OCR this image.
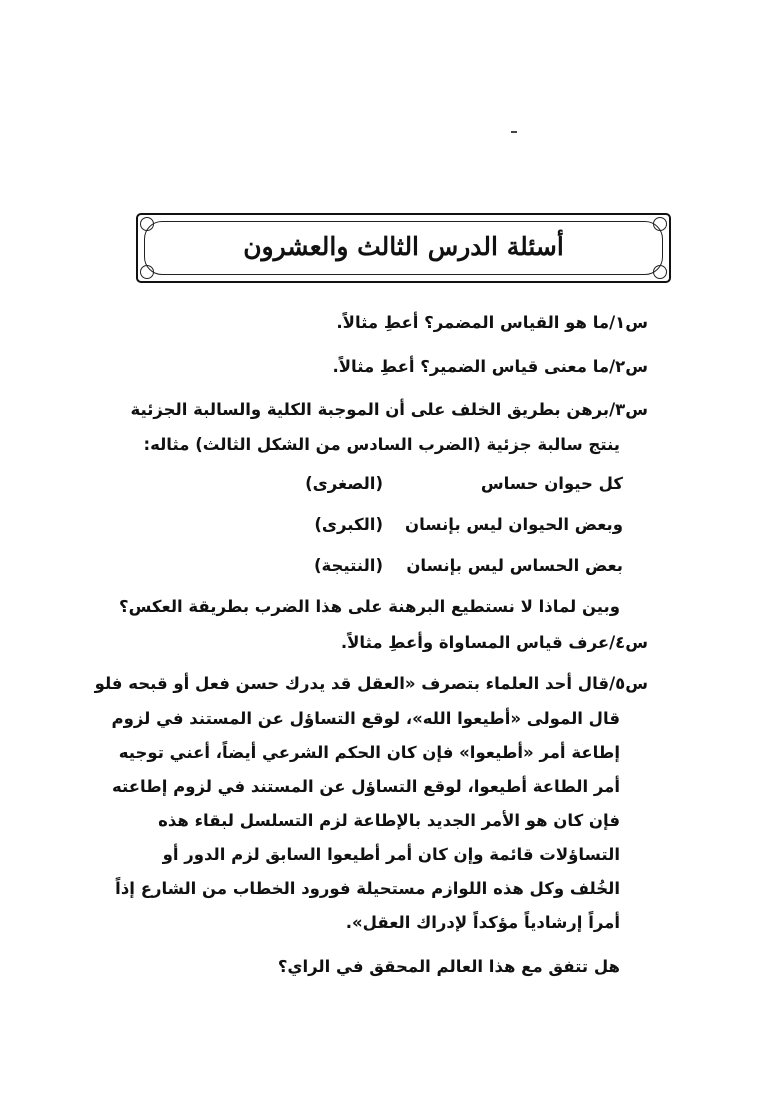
أسئلة الدرس الثالث والعشرون
س١/ما هو القياس المضمر؟ أعطِ مثالاً.
س٢/ما معنى قياس الضمير؟ أعطِ مثالاً.
س٣/برهن بطريق الخلف على أن الموجبة الكلية والسالبة الجزئية
ينتج سالبة جزئية (الضرب السادس من الشكل الثالث) مثاله:
كل حيوان حساس
(الصغرى)
وبعض الحيوان ليس بإنسان
(الكبرى)
بعض الحساس ليس بإنسان
(النتيجة)
وبين لماذا لا نستطيع البرهنة على هذا الضرب بطريقة العكس؟
س٤/عرف قياس المساواة وأعطِ مثالاً.
س٥/قال أحد العلماء بتصرف «العقل قد يدرك حسن فعل أو قبحه فلو
قال المولى «أطيعوا الله»، لوقع التساؤل عن المستند في لزوم
إطاعة أمر «أطيعوا» فإن كان الحكم الشرعي أيضاً، أعني توجيه
أمر الطاعة أطيعوا، لوقع التساؤل عن المستند في لزوم إطاعته
فإن كان هو الأمر الجديد بالإطاعة لزم التسلسل لبقاء هذه
التساؤلات قائمة وإن كان أمر أطيعوا السابق لزم الدور أو
الخُلف وكل هذه اللوازم مستحيلة فورود الخطاب من الشارع إذاً
أمراً إرشادياً مؤكداً لإدراك العقل».
هل تتفق مع هذا العالم المحقق في الراي؟
